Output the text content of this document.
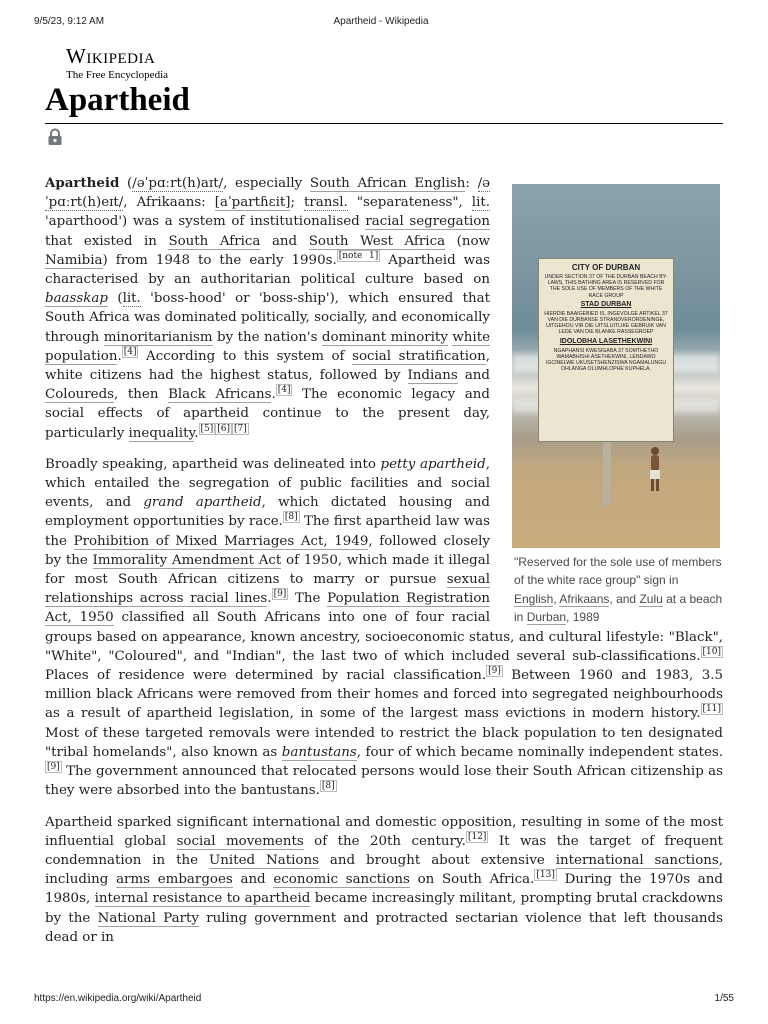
9/5/23, 9:12 AM	Apartheid - Wikipedia
Wikipedia
The Free Encyclopedia
Apartheid
CITY OF DURBAN
UNDER SECTION 37 OF THE DURBAN BEACH BY-LAWS, THIS BATHING AREA IS RESERVED FOR THE SOLE USE OF MEMBERS OF THE WHITE RACE GROUP
STAD DURBAN
HIERDIE BAAIGEBIED IS, INGEVOLGE ARTIKEL 37 VAN DIE DURBANSE STRANDVERORDENINGE, UITGEHOU VIR DIE UITSLUITLIKE GEBRUIK VAN LEDE VAN DIE BLANKE RASSEGROEP
IDOLOBHA LASETHEKWINI
NGAPHANSI KWESIGABA 37 SOMTHETHO WAMABHISHI ASETHEKWINI, LENDAWO IGCINELWE UKUSETSHENZISWA NGAMALUNGU OHLANGA OLUMHLOPHE KUPHELA.
"Reserved for the sole use of members of the white race group" sign in English, Afrikaans, and Zulu at a beach in Durban, 1989

Apartheid (/əˈpɑːrt(h)aɪt/, especially South African English: /əˈpɑːrt(h)eɪt/, Afrikaans: [aˈpartɦɛit]; transl. "separateness", lit. 'aparthood') was a system of institutionalised racial segregation that existed in South Africa and South West Africa (now Namibia) from 1948 to the early 1990s. [note 1] Apartheid was characterised by an authoritarian political culture based on baasskap (lit. 'boss-hood' or 'boss-ship'), which ensured that South Africa was dominated politically, socially, and economically through minoritarianism by the nation's dominant minority white population. [4] According to this system of social stratification, white citizens had the highest status, followed by Indians and Coloureds, then Black Africans. [4] The economic legacy and social effects of apartheid continue to the present day, particularly inequality. [5] [6] [7]

Broadly speaking, apartheid was delineated into petty apartheid, which entailed the segregation of public facilities and social events, and grand apartheid, which dictated housing and employment opportunities by race. [8] The first apartheid law was the Prohibition of Mixed Marriages Act, 1949, followed closely by the Immorality Amendment Act of 1950, which made it illegal for most South African citizens to marry or pursue sexual relationships across racial lines. [9] The Population Registration Act, 1950 classified all South Africans into one of four racial groups based on appearance, known ancestry, socioeconomic status, and cultural lifestyle: "Black", "White", "Coloured", and "Indian", the last two of which included several sub-classifications. [10] Places of residence were determined by racial classification. [9] Between 1960 and 1983, 3.5 million black Africans were removed from their homes and forced into segregated neighbourhoods as a result of apartheid legislation, in some of the largest mass evictions in modern history. [11] Most of these targeted removals were intended to restrict the black population to ten designated "tribal homelands", also known as bantustans, four of which became nominally independent states.[9] The government announced that relocated persons would lose their South African citizenship as they were absorbed into the bantustans. [8]

Apartheid sparked significant international and domestic opposition, resulting in some of the most influential global social movements of the 20th century. [12] It was the target of frequent condemnation in the United Nations and brought about extensive international sanctions, including arms embargoes and economic sanctions on South Africa. [13] During the 1970s and 1980s, internal resistance to apartheid became increasingly militant, prompting brutal crackdowns by the National Party ruling government and protracted sectarian violence that left thousands dead or in

https://en.wikipedia.org/wiki/Apartheid	1/55
